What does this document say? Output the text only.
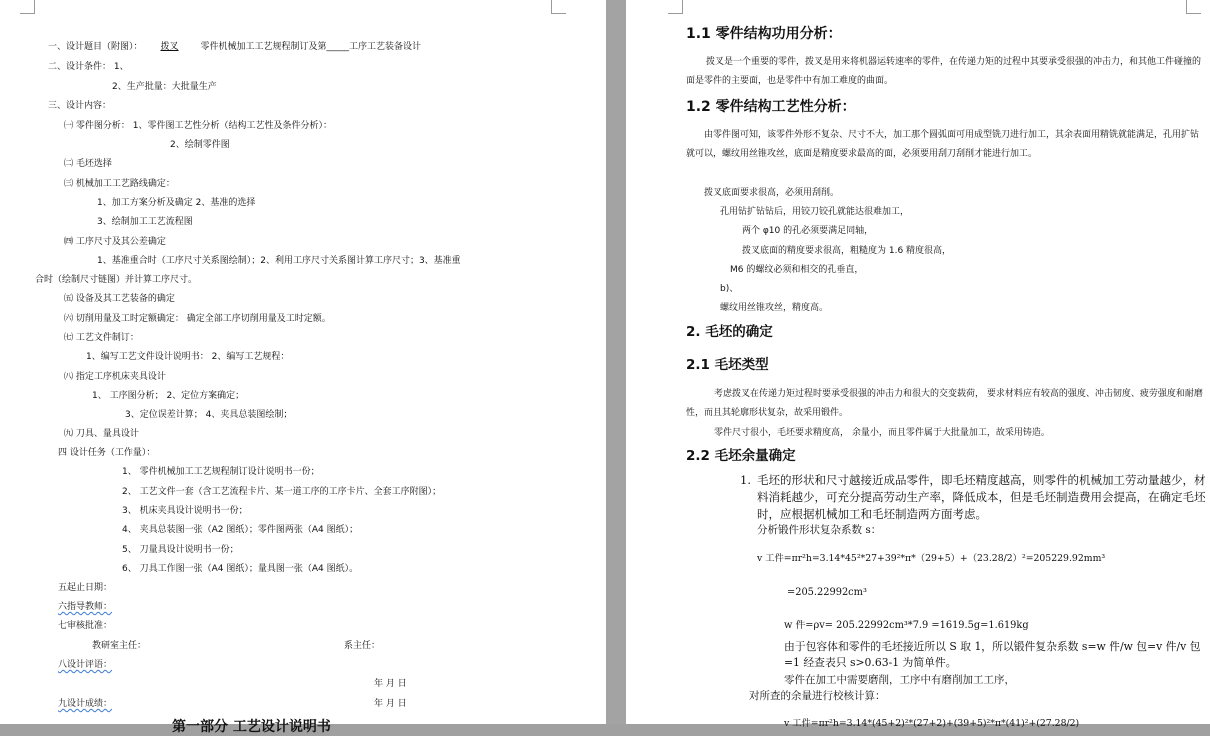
一、设计题目（附图）： 拨叉 零件机械加工工艺规程制订及第_____工序工艺装备设计
二、设计条件： 1、
2、生产批量：大批量生产
三、设计内容：
㈠ 零件图分析： 1、零件图工艺性分析（结构工艺性及条件分析）：
2、绘制零件图
㈡ 毛坯选择
㈢ 机械加工工艺路线确定：
1、加工方案分析及确定 2、基准的选择
3、绘制加工工艺流程图
㈣ 工序尺寸及其公差确定
1、基准重合时（工序尺寸关系图绘制）；2、利用工序尺寸关系图计算工序尺寸；3、基准重
合时（绘制尺寸链图）并计算工序尺寸。
㈤ 设备及其工艺装备的确定
㈥ 切削用量及工时定额确定： 确定全部工序切削用量及工时定额。
㈦ 工艺文件制订：
1、编写工艺文件设计说明书： 2、编写工艺规程：
㈧ 指定工序机床夹具设计
1、 工序图分析； 2、定位方案确定；
3、定位误差计算； 4、夹具总装图绘制；
㈨ 刀具、量具设计
四 设计任务（工作量）：
1、 零件机械加工工艺规程制订设计说明书一份；
2、 工艺文件一套（含工艺流程卡片、某一道工序的工序卡片、全套工序附图）；
3、 机床夹具设计说明书一份；
4、 夹具总装图一张（A2 图纸）；零件图两张（A4 图纸）；
5、 刀量具设计说明书一份；
6、 刀具工作图一张（A4 图纸）；量具图一张（A4 图纸）。
五起止日期：
六指导教师：
七审核批准：
教研室主任：	系主任：
八设计评语：
年 月 日
九设计成绩：	年 月 日
第一部分 工艺设计说明书
1.1 零件结构功用分析：
拨叉是一个重要的零件，拨叉是用来将机器运转速率的零件，在传递力矩的过程中其要承受很强的冲击力，和其他工件碰撞的面是零件的主要面，也是零件中有加工难度的曲面。
1.2 零件结构工艺性分析：
由零件图可知，该零件外形不复杂、尺寸不大，加工那个圆弧面可用成型铣刀进行加工，其余表面用精铣就能满足，孔用扩钻就可以，螺纹用丝锥攻丝，底面是精度要求最高的面，必须要用刮刀刮削才能进行加工。
拨叉底面要求很高，必须用刮削。
孔用钻扩钻钻后，用铰刀铰孔就能达很难加工，
两个 φ10 的孔必须要满足同轴，
拨叉底面的精度要求很高，粗糙度为 1.6 精度很高，
M6 的螺纹必须和相交的孔垂直，
b)、
螺纹用丝锥攻丝，精度高。
2. 毛坯的确定
2.1 毛坯类型
考虑拨叉在传递力矩过程时要承受很强的冲击力和很大的交变载荷， 要求材料应有较高的强度、冲击韧度、疲劳强度和耐磨性，而且其轮廓形状复杂，故采用锻件。
零件尺寸很小，毛坯要求精度高， 余量小，而且零件属于大批量加工，故采用铸造。
2.2 毛坯余量确定
1. 毛坯的形状和尺寸越接近成品零件，即毛坯精度越高，则零件的机械加工劳动量越少，材料消耗越少，可充分提高劳动生产率，降低成本，但是毛坯制造费用会提高，在确定毛坯时，应根据机械加工和毛坯制造两方面考虑。
分析锻件形状复杂系数 s：
v 工件=πr²h=3.14*45²*27+39²*π*（29+5）+（23.28/2）²=205229.92mm³
=205.22992cm³
w 件=ρv= 205.22992cm³*7.9 =1619.5g=1.619kg
由于包容体和零件的毛坯接近所以 S 取 1，所以锻件复杂系数 s=w 件/w 包=v 件/v 包=1 经查表只 s>0.63-1 为简单件。
零件在加工中需要磨削，工序中有磨削加工工序，
对所查的余量进行校核计算：
v 工件=πr²h=3.14*(45+2)²*(27+2)+(39+5)²*π*(41)²+(27.28/2)
